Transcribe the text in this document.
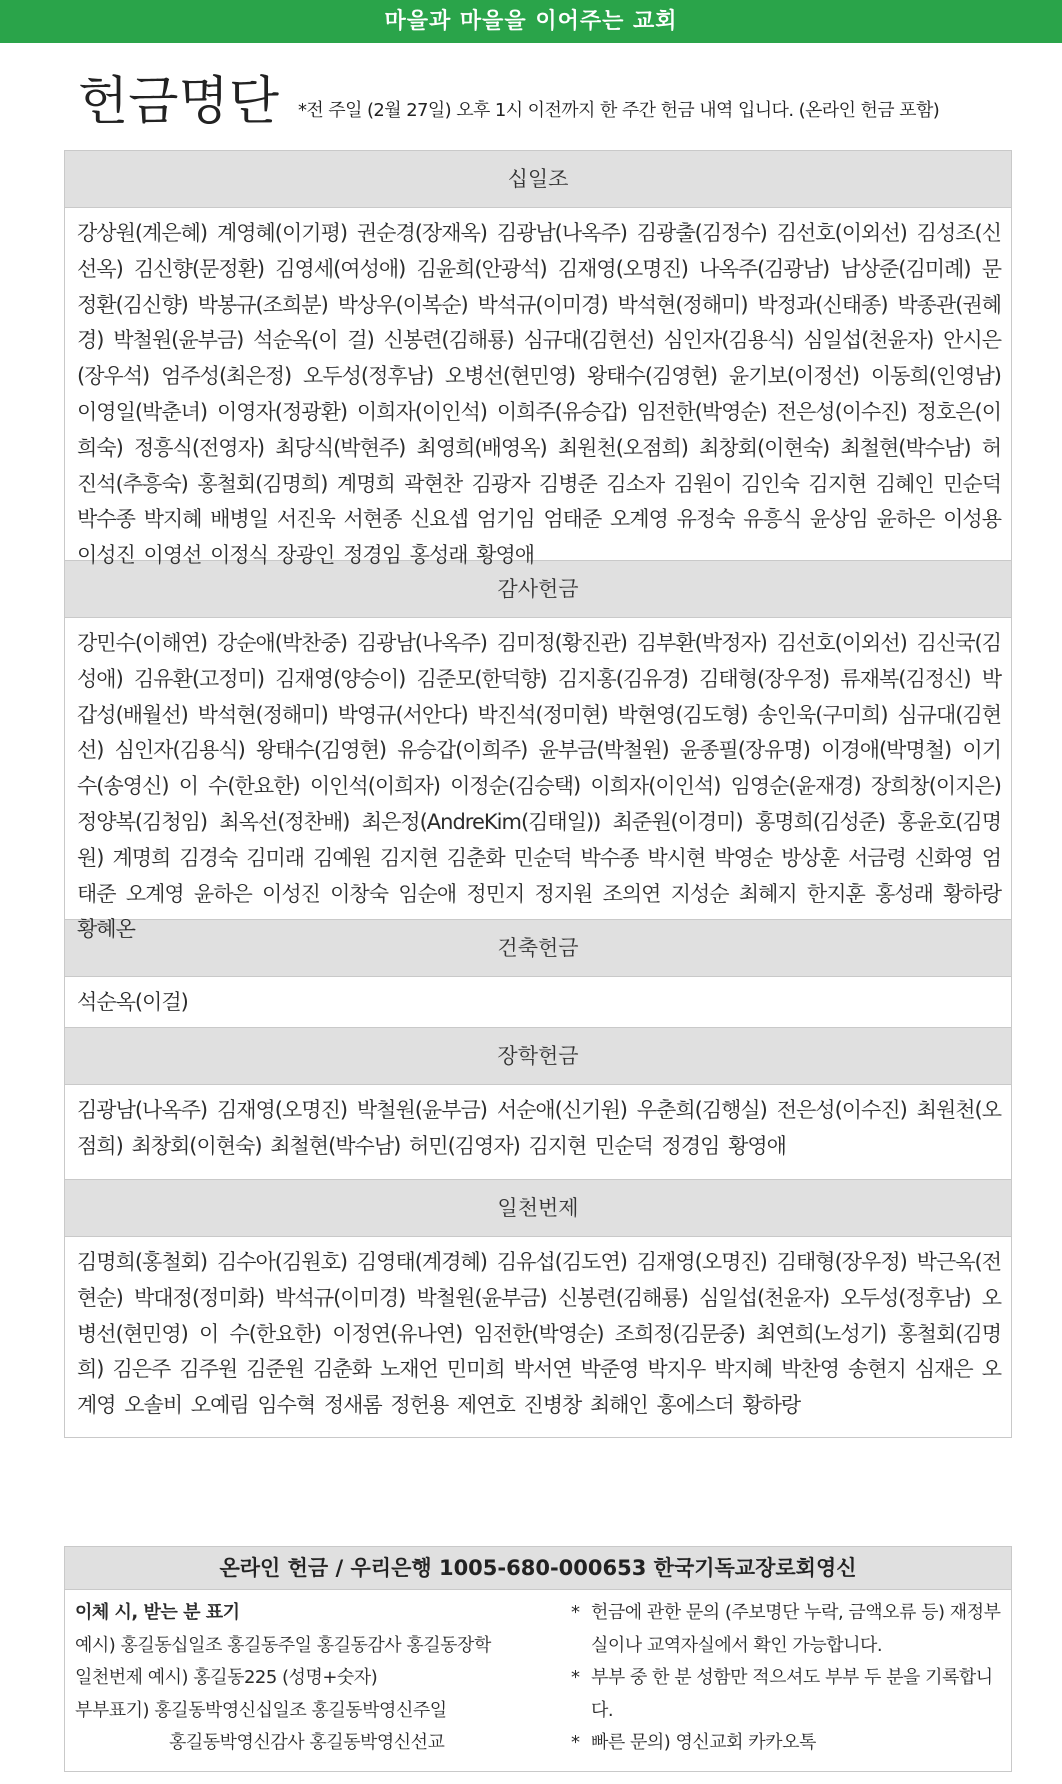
마을과 마을을 이어주는 교회
헌금명단 *전 주일 (2월 27일) 오후 1시 이전까지 한 주간 헌금 내역 입니다. (온라인 헌금 포함)
십일조
강상원(계은혜) 계영혜(이기평) 권순경(장재옥) 김광남(나옥주) 김광출(김정수) 김선호(이외선) 김성조(신선옥) 김신향(문정환) 김영세(여성애) 김윤희(안광석) 김재영(오명진) 나옥주(김광남) 남상준(김미례) 문정환(김신향) 박봉규(조희분) 박상우(이복순) 박석규(이미경) 박석현(정해미) 박정과(신태종) 박종관(권혜경) 박철원(윤부금) 석순옥(이 걸) 신봉련(김해룡) 심규대(김현선) 심인자(김용식) 심일섭(천윤자) 안시은(장우석) 엄주성(최은정) 오두성(정후남) 오병선(현민영) 왕태수(김영현) 윤기보(이정선) 이동희(인영남) 이영일(박춘녀) 이영자(정광환) 이희자(이인석) 이희주(유승갑) 임전한(박영순) 전은성(이수진) 정호은(이희숙) 정흥식(전영자) 최당식(박현주) 최영희(배영옥) 최원천(오점희) 최창회(이현숙) 최철현(박수남) 허진석(추흥숙) 홍철회(김명희) 계명희 곽현찬 김광자 김병준 김소자 김원이 김인숙 김지현 김혜인 민순덕 박수종 박지혜 배병일 서진욱 서현종 신요셉 엄기임 엄태준 오계영 유정숙 유흥식 윤상임 윤하은 이성용 이성진 이영선 이정식 장광인 정경임 홍성래 황영애
감사헌금
강민수(이해연) 강순애(박찬중) 김광남(나옥주) 김미정(황진관) 김부환(박정자) 김선호(이외선) 김신국(김성애) 김유환(고정미) 김재영(양승이) 김준모(한덕향) 김지홍(김유경) 김태형(장우정) 류재복(김정신) 박갑성(배월선) 박석현(정해미) 박영규(서안다) 박진석(정미현) 박현영(김도형) 송인욱(구미희) 심규대(김현선) 심인자(김용식) 왕태수(김영현) 유승갑(이희주) 윤부금(박철원) 윤종필(장유명) 이경애(박명철) 이기수(송영신) 이 수(한요한) 이인석(이희자) 이정순(김승택) 이희자(이인석) 임영순(윤재경) 장희창(이지은) 정양복(김청임) 최옥선(정찬배) 최은정(AndreKim(김태일)) 최준원(이경미) 홍명희(김성준) 홍윤호(김명원) 계명희 김경숙 김미래 김예원 김지현 김춘화 민순덕 박수종 박시현 박영순 방상훈 서금령 신화영 엄태준 오계영 윤하은 이성진 이창숙 임순애 정민지 정지원 조의연 지성순 최혜지 한지훈 홍성래 황하랑 황혜온
건축헌금
석순옥(이걸)
장학헌금
김광남(나옥주) 김재영(오명진) 박철원(윤부금) 서순애(신기원) 우춘희(김행실) 전은성(이수진) 최원천(오점희) 최창회(이현숙) 최철현(박수남) 허민(김영자) 김지현 민순덕 정경임 황영애
일천번제
김명희(홍철회) 김수아(김원호) 김영태(계경혜) 김유섭(김도연) 김재영(오명진) 김태형(장우정) 박근옥(전현순) 박대정(정미화) 박석규(이미경) 박철원(윤부금) 신봉련(김해룡) 심일섭(천윤자) 오두성(정후남) 오병선(현민영) 이 수(한요한) 이정연(유나연) 임전한(박영순) 조희정(김문중) 최연희(노성기) 홍철회(김명희) 김은주 김주원 김준원 김춘화 노재언 민미희 박서연 박준영 박지우 박지혜 박찬영 송현지 심재은 오계영 오솔비 오예림 임수혁 정새롬 정헌용 제연호 진병창 최해인 홍에스더 황하랑
온라인 헌금 / 우리은행 1005-680-000653 한국기독교장로회영신
이체 시, 받는 분 표기
예시) 홍길동십일조 홍길동주일 홍길동감사 홍길동장학
일천번제 예시) 홍길동225 (성명+숫자)
부부표기) 홍길동박영신십일조 홍길동박영신주일
홍길동박영신감사 홍길동박영신선교
* 헌금에 관한 문의 (주보명단 누락, 금액오류 등) 재정부실이나 교역자실에서 확인 가능합니다.
* 부부 중 한 분 성함만 적으셔도 부부 두 분을 기록합니다.
* 빠른 문의) 영신교회 카카오톡
